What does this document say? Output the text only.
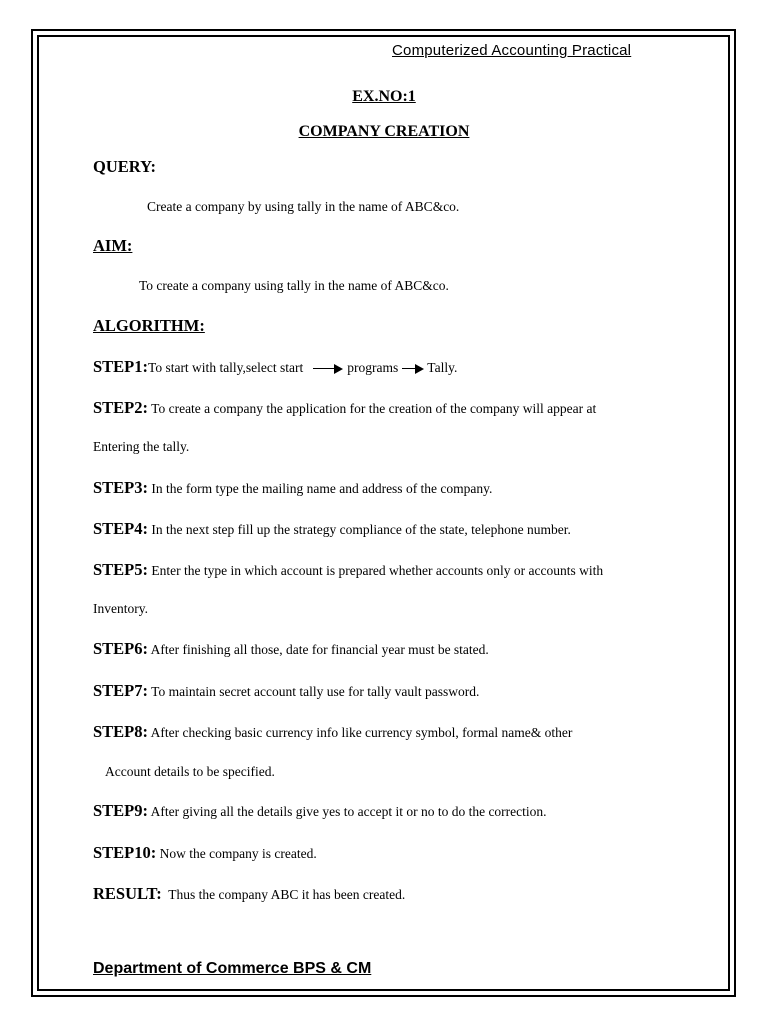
Computerized Accounting Practical
EX.NO:1
COMPANY CREATION
QUERY:
Create a company by using tally in the name of ABC&co.
AIM:
To create a company using tally in the name of ABC&co.
ALGORITHM:
STEP1:To start with tally,select start	programs Tally.
STEP2: To create a company the application for the creation of the company will appear at
Entering the tally.
STEP3: In the form type the mailing name and address of the company.
STEP4: In the next step fill up the strategy compliance of the state, telephone number.
STEP5: Enter the type in which account is prepared whether accounts only or accounts with
Inventory.
STEP6: After finishing all those, date for financial year must be stated.
STEP7: To maintain secret account tally use for tally vault password.
STEP8: After checking basic currency info like currency symbol, formal name& other
Account details to be specified.
STEP9: After giving all the details give yes to accept it or no to do the correction.
STEP10: Now the company is created.
RESULT: Thus the company ABC it has been created.
Department of Commerce BPS & CM
